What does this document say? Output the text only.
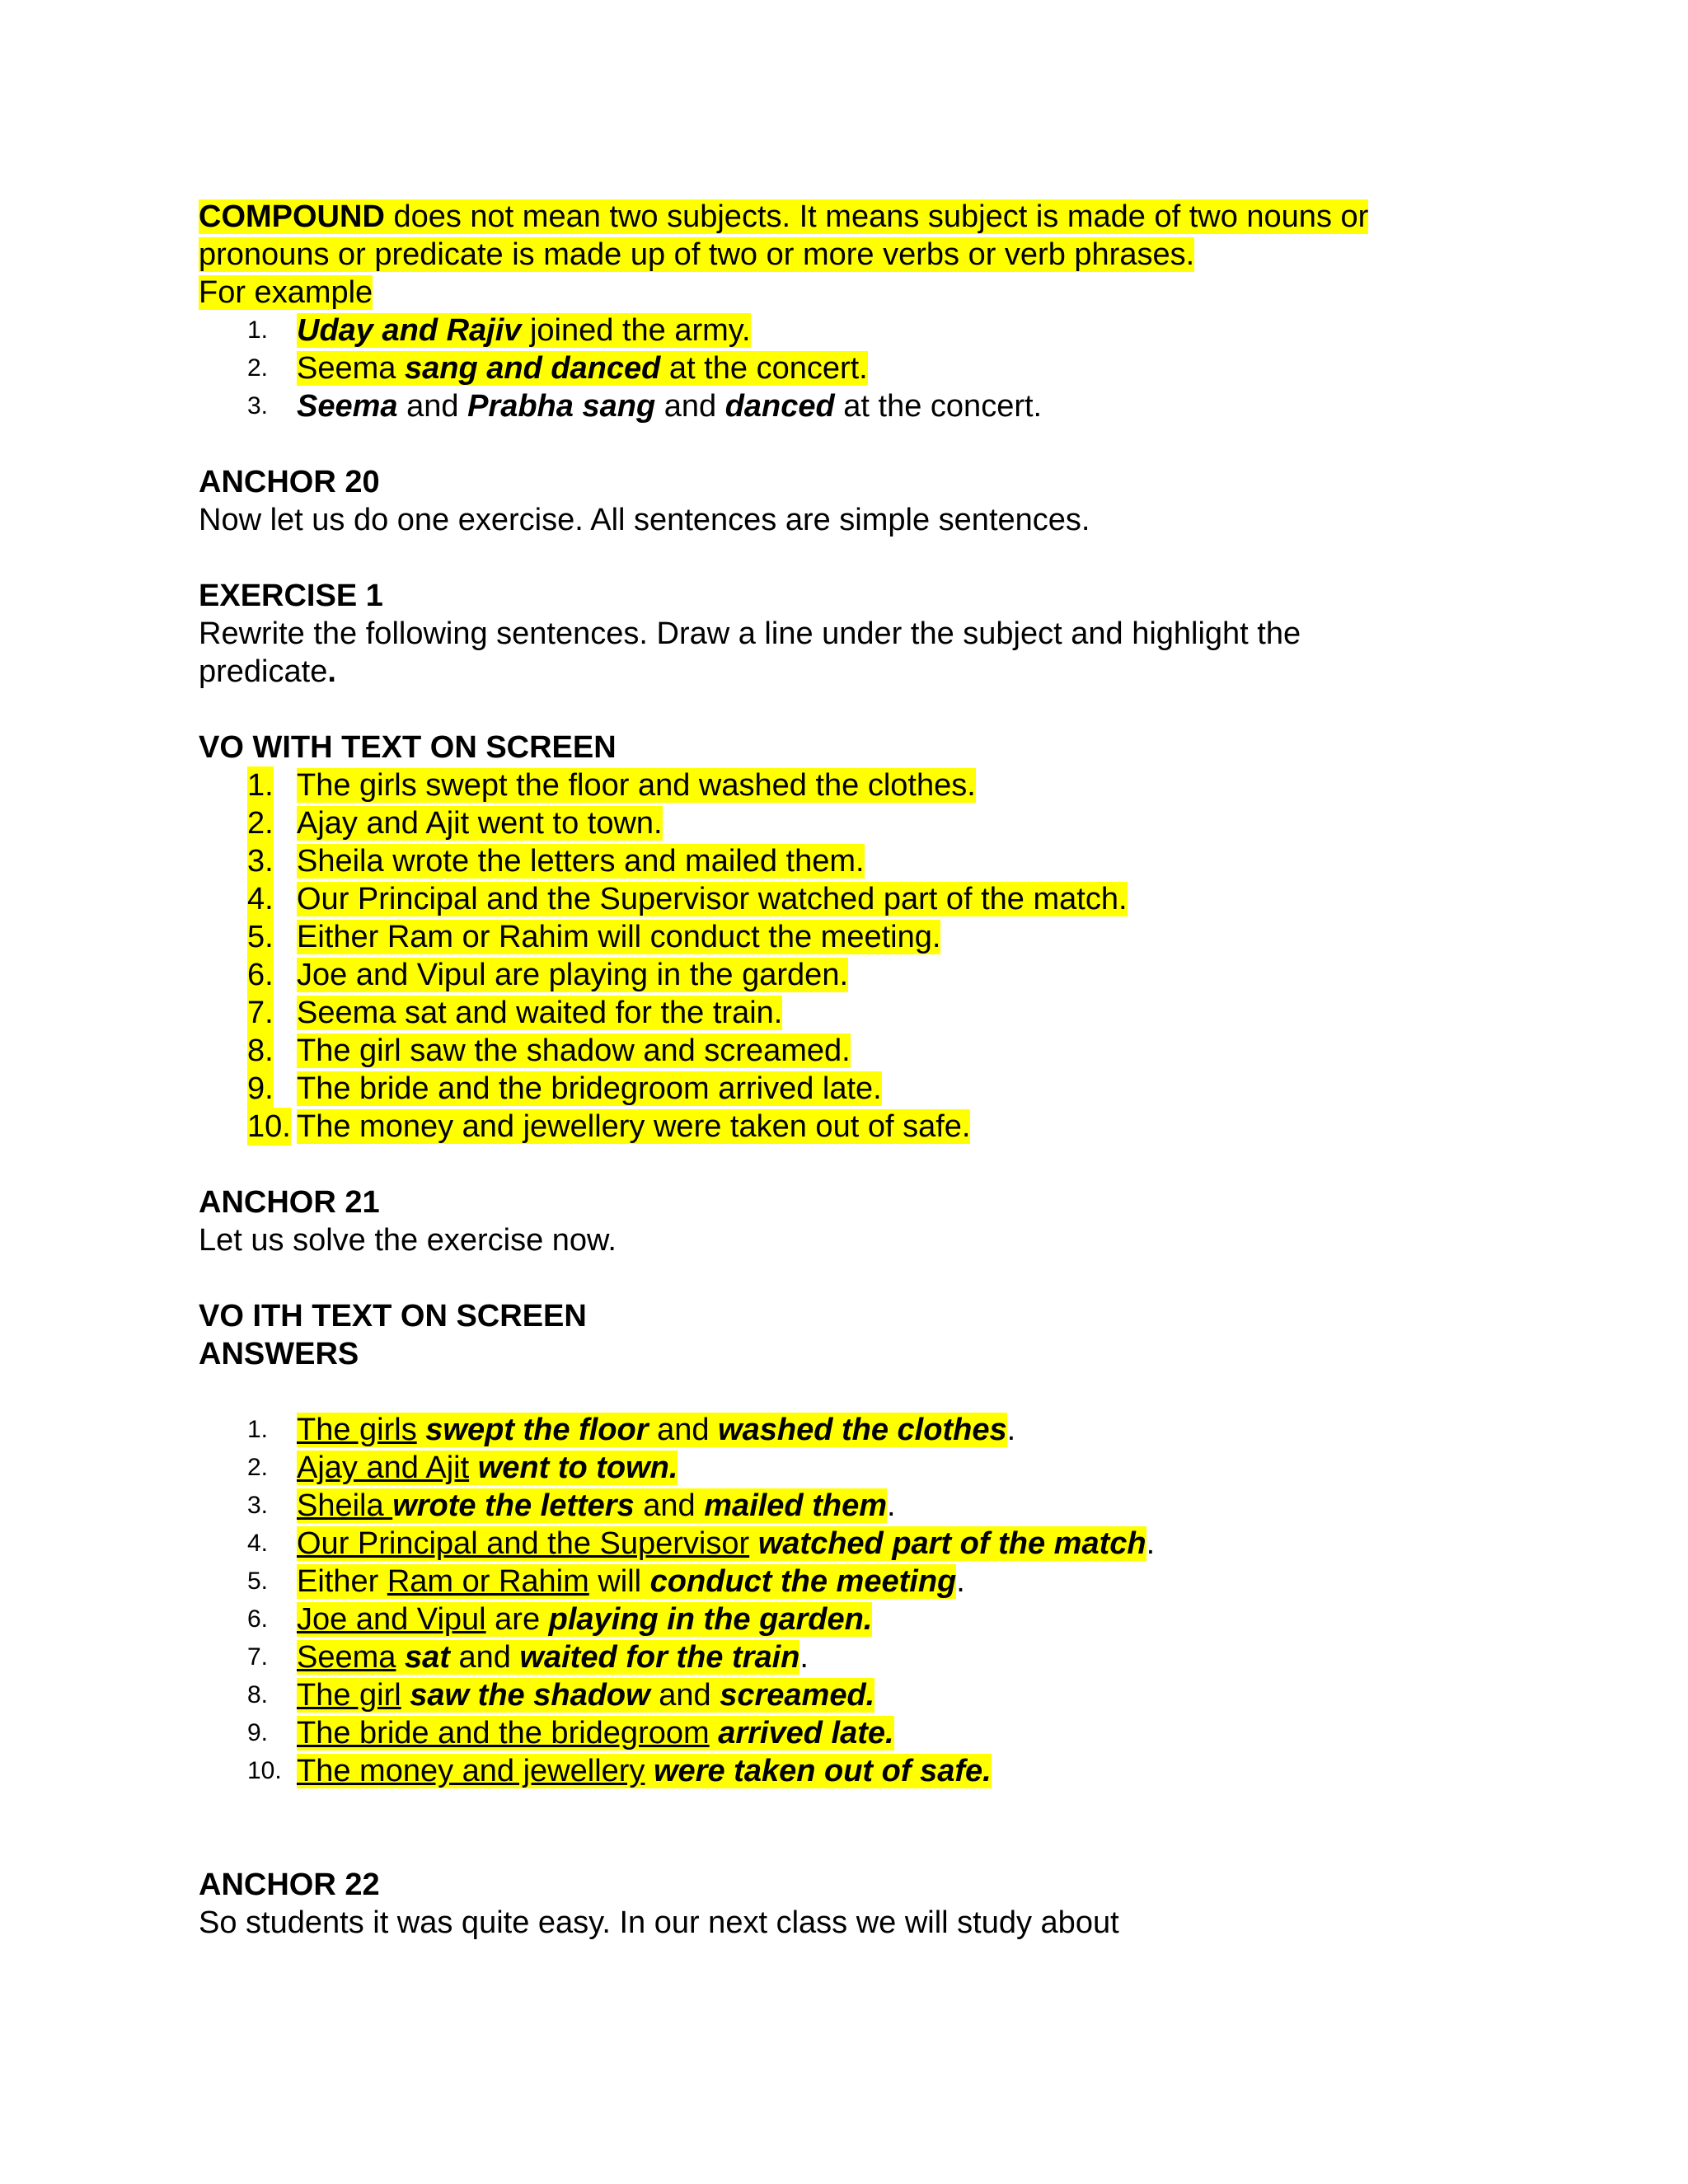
COMPOUND does not mean two subjects. It means subject is made of two nouns or
pronouns or predicate is made up of two or more verbs or verb phrases.
For example
1. Uday and Rajiv joined the army.
2. Seema sang and danced at the concert.
3. Seema and Prabha sang and danced at the concert.
ANCHOR 20
Now let us do one exercise. All sentences are simple sentences.
EXERCISE 1
Rewrite the following sentences. Draw a line under the subject and highlight the
predicate.
VO WITH TEXT ON SCREEN
1. The girls swept the floor and washed the clothes.
2. Ajay and Ajit went to town.
3. Sheila wrote the letters and mailed them.
4. Our Principal and the Supervisor watched part of the match.
5. Either Ram or Rahim will conduct the meeting.
6. Joe and Vipul are playing in the garden.
7. Seema sat and waited for the train.
8. The girl saw the shadow and screamed.
9. The bride and the bridegroom arrived late.
10. The money and jewellery were taken out of safe.
ANCHOR 21
Let us solve the exercise now.
VO ITH TEXT ON SCREEN
ANSWERS
1. The girls swept the floor and washed the clothes.
2. Ajay and Ajit went to town.
3. Sheila wrote the letters and mailed them.
4. Our Principal and the Supervisor watched part of the match.
5. Either Ram or Rahim will conduct the meeting.
6. Joe and Vipul are playing in the garden.
7. Seema sat and waited for the train.
8. The girl saw the shadow and screamed.
9. The bride and the bridegroom arrived late.
10. The money and jewellery were taken out of safe.
ANCHOR 22
So students it was quite easy. In our next class we will study about
